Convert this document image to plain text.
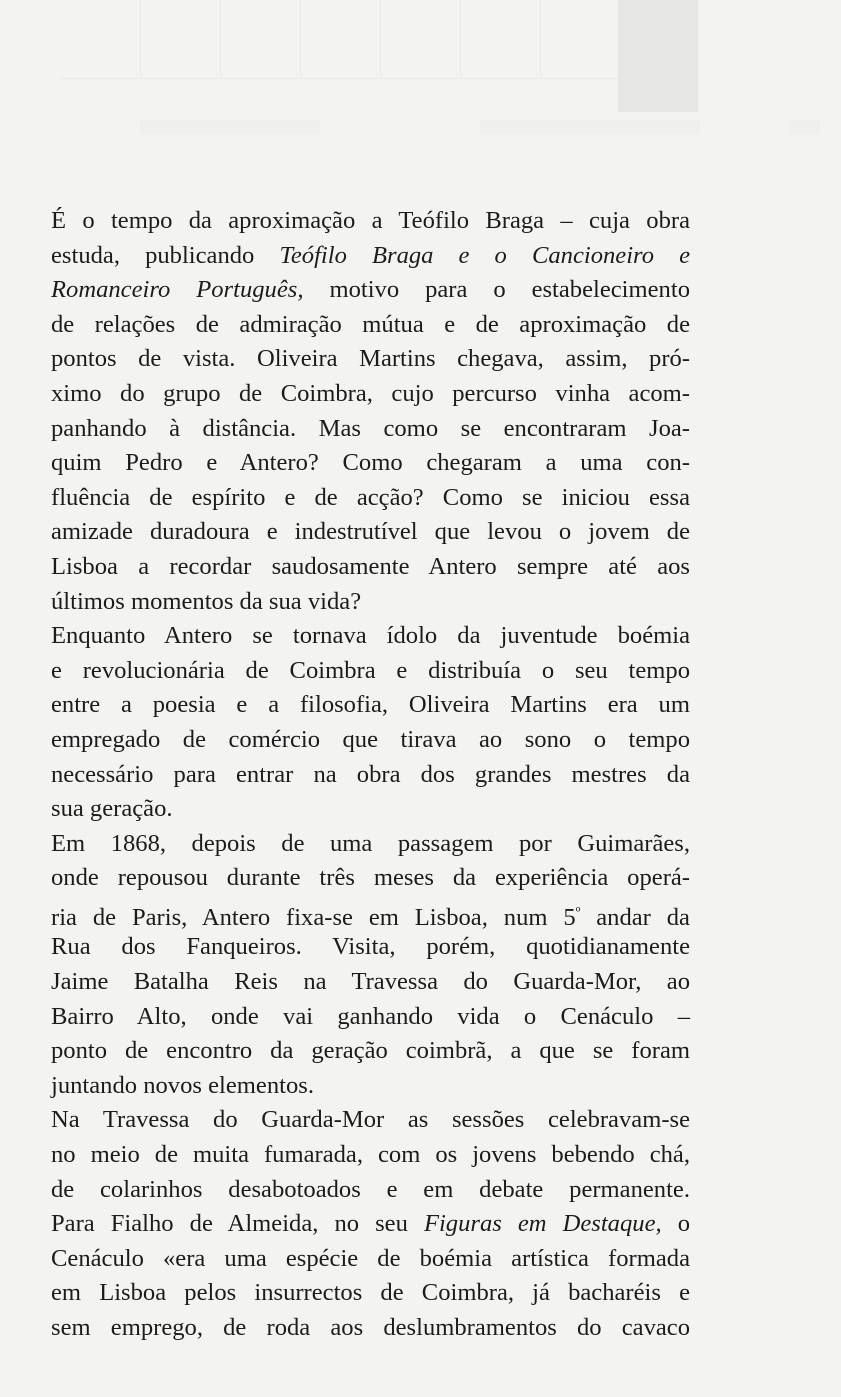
É o tempo da aproximação a Teófilo Braga – cuja obra
estuda, publicando Teófilo Braga e o Cancioneiro e
Romanceiro Português, motivo para o estabelecimento
de relações de admiração mútua e de aproximação de
pontos de vista. Oliveira Martins chegava, assim, pró-
ximo do grupo de Coimbra, cujo percurso vinha acom-
panhando à distância. Mas como se encontraram Joa-
quim Pedro e Antero? Como chegaram a uma con-
fluência de espírito e de acção? Como se iniciou essa
amizade duradoura e indestrutível que levou o jovem de
Lisboa a recordar saudosamente Antero sempre até aos
últimos momentos da sua vida?
Enquanto Antero se tornava ídolo da juventude boémia
e revolucionária de Coimbra e distribuía o seu tempo
entre a poesia e a filosofia, Oliveira Martins era um
empregado de comércio que tirava ao sono o tempo
necessário para entrar na obra dos grandes mestres da
sua geração.
Em 1868, depois de uma passagem por Guimarães,
onde repousou durante três meses da experiência operá-
ria de Paris, Antero fixa-se em Lisboa, num $5^º$ andar da
Rua dos Fanqueiros. Visita, porém, quotidianamente
Jaime Batalha Reis na Travessa do Guarda-Mor, ao
Bairro Alto, onde vai ganhando vida o Cenáculo –
ponto de encontro da geração coimbrã, a que se foram
juntando novos elementos.
Na Travessa do Guarda-Mor as sessões celebravam-se
no meio de muita fumarada, com os jovens bebendo chá,
de colarinhos desabotoados e em debate permanente.
Para Fialho de Almeida, no seu Figuras em Destaque, o
Cenáculo «era uma espécie de boémia artística formada
em Lisboa pelos insurrectos de Coimbra, já bacharéis e
sem emprego, de roda aos deslumbramentos do cavaco
